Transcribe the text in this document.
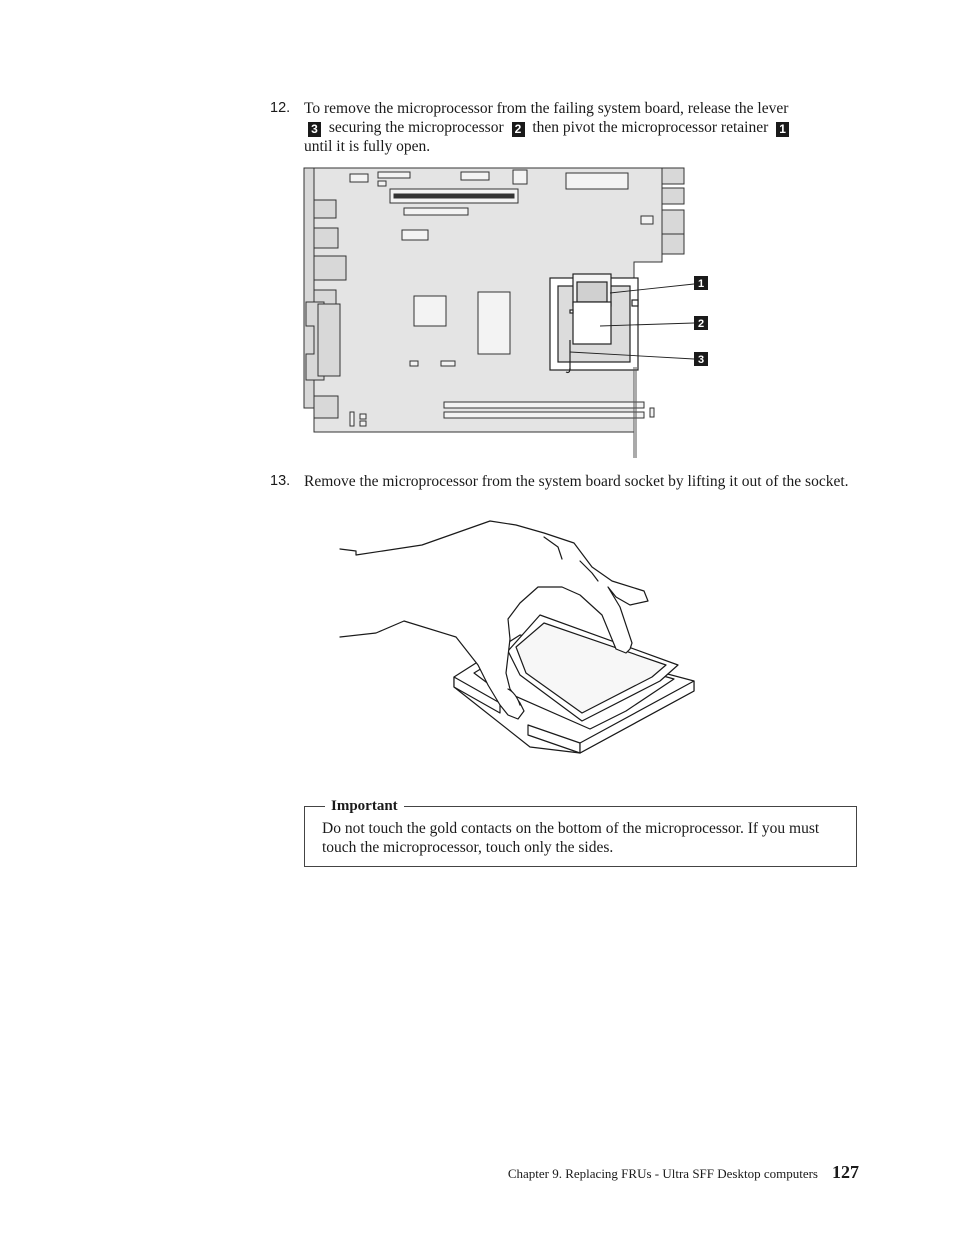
12. To remove the microprocessor from the failing system board, release the lever
3 securing the microprocessor 2 then pivot the microprocessor retainer 1
until it is fully open.
1
2
3
13. Remove the microprocessor from the system board socket by lifting it out of the socket.
Important
Do not touch the gold contacts on the bottom of the microprocessor. If you must touch the microprocessor, touch only the sides.
Chapter 9. Replacing FRUs - Ultra SFF Desktop computers 127
